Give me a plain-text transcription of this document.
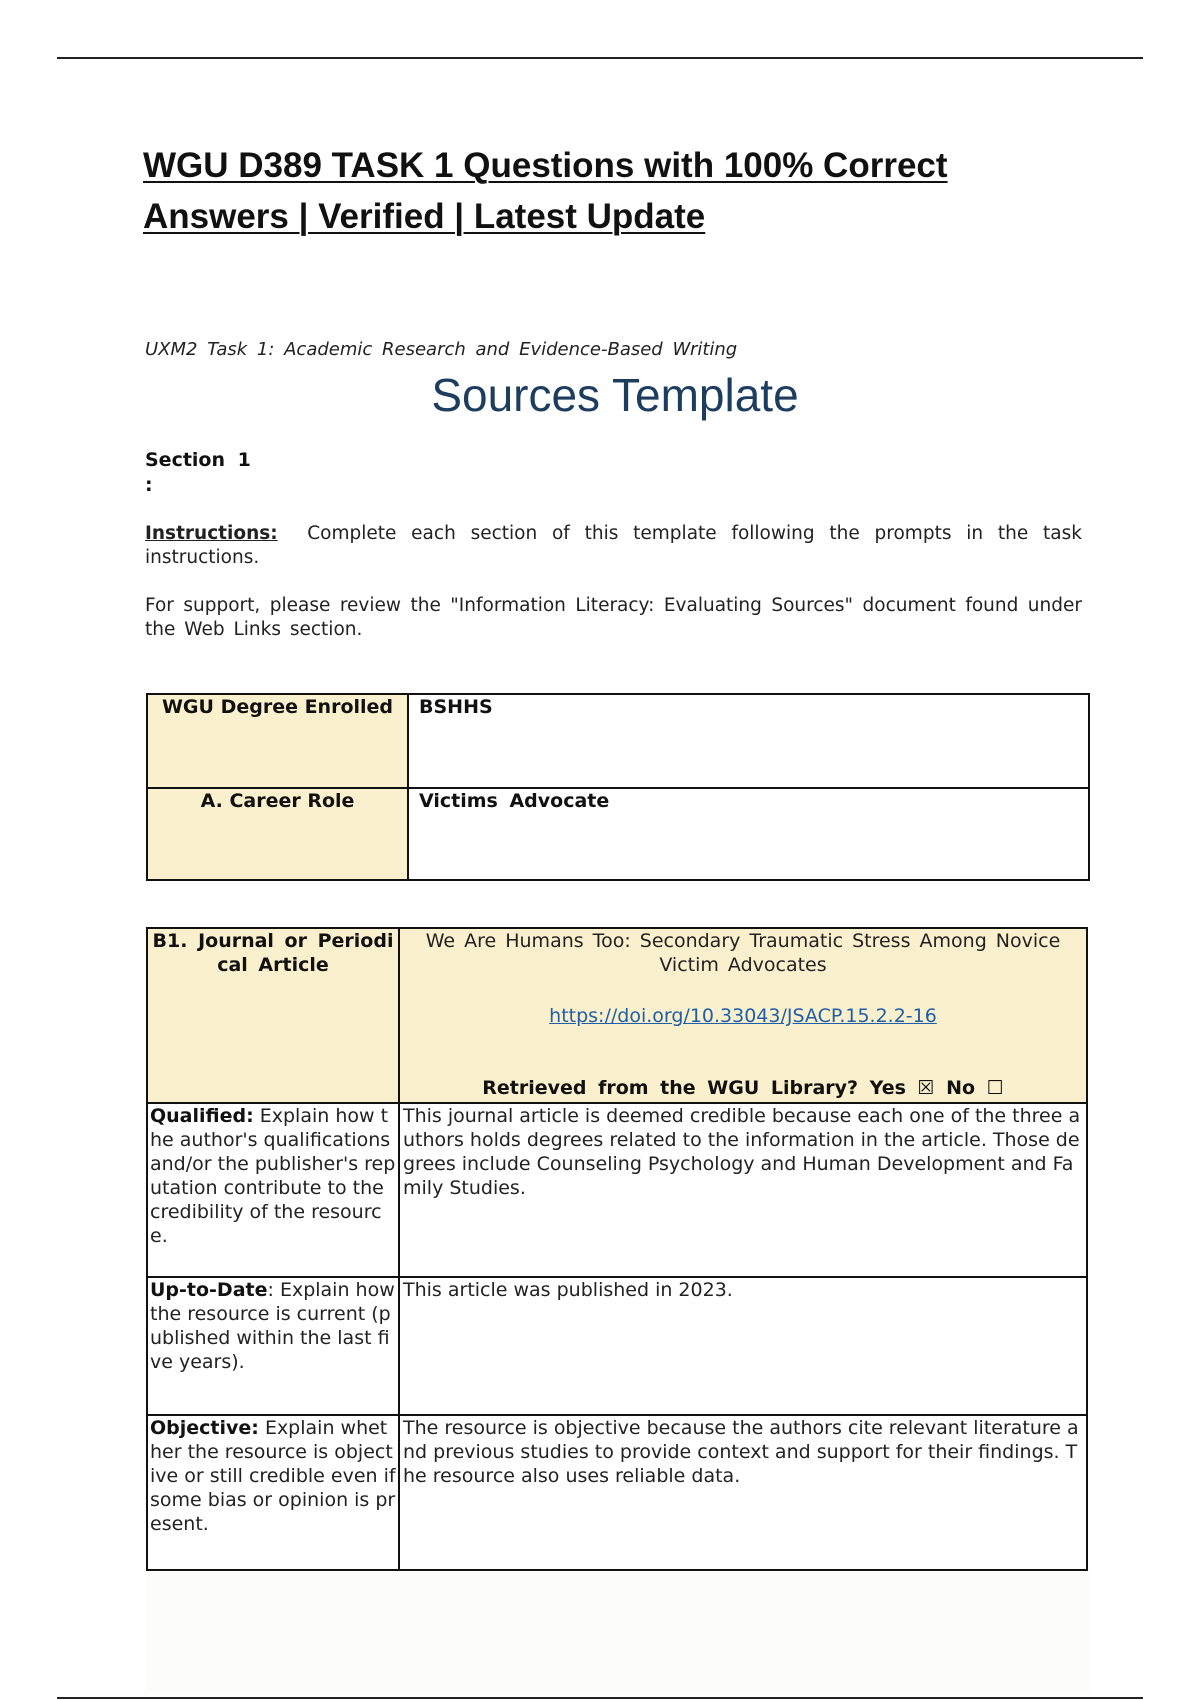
WGU D389 TASK 1 Questions with 100% Correct Answers | Verified | Latest Update

UXM2 Task 1: Academic Research and Evidence-Based Writing

Sources Template
Section 1
:

Instructions: Complete each section of this template following the prompts in the task instructions.

For support, please review the "Information Literacy: Evaluating Sources" document found under the Web Links section.

WGU Degree Enrolled	BSHHS
A. Career Role	Victims Advocate
B1. Journal or Periodical Article	We Are Humans Too: Secondary Traumatic Stress Among Novice Victim Advocates
https://doi.org/10.33043/JSACP.15.2.2-16
Retrieved from the WGU Library? Yes ☒ No ☐

Qualified: Explain how the author's qualifications and/or the publisher's reputation contribute to the credibility of the resource.	This journal article is deemed credible because each one of the three authors holds degrees related to the information in the article. Those degrees include Counseling Psychology and Human Development and Family Studies.
Up-to-Date: Explain how the resource is current (published within the last five years).	This article was published in 2023.
Objective: Explain whether the resource is objective or still credible even if some bias or opinion is present.	The resource is objective because the authors cite relevant literature and previous studies to provide context and support for their findings. The resource also uses reliable data.
